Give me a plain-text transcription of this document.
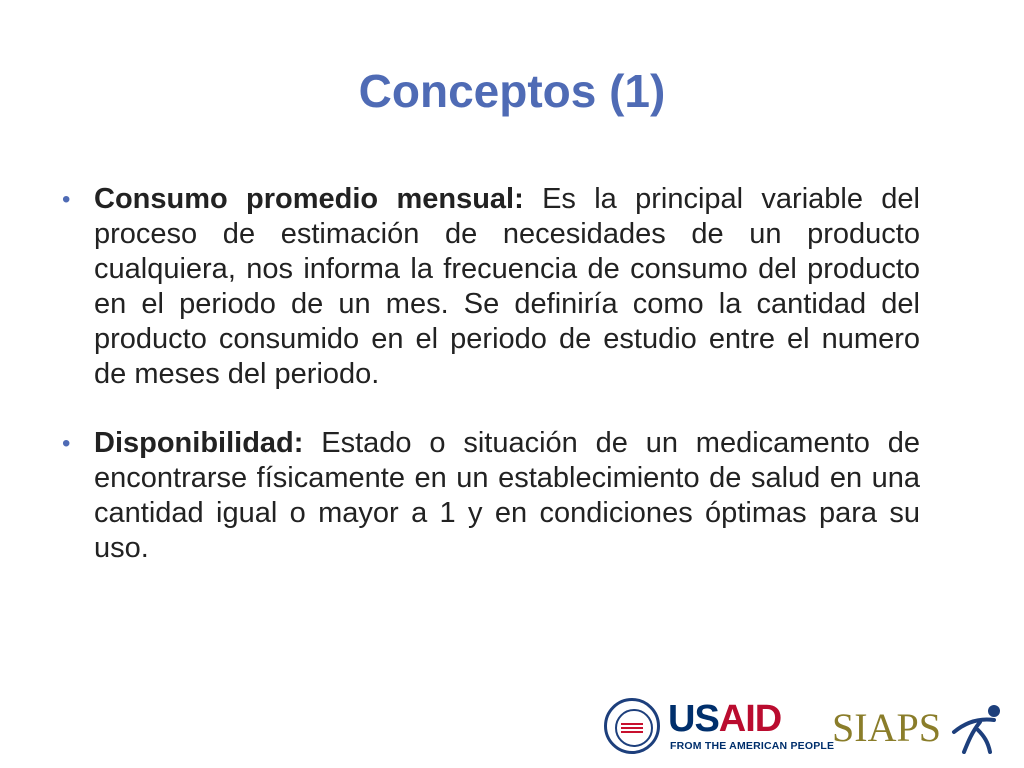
Conceptos (1)
• Consumo promedio mensual: Es la principal variable del proceso de estimación de necesidades de un producto cualquiera, nos informa la frecuencia de consumo del producto en el periodo de un mes. Se definiría como la cantidad del producto consumido en el periodo de estudio entre el numero de meses del periodo.
• Disponibilidad: Estado o situación de un medicamento de encontrarse físicamente en un establecimiento de salud en una cantidad igual o mayor a 1 y en condiciones óptimas para su uso.
USAID
FROM THE AMERICAN PEOPLE
SIAPS
